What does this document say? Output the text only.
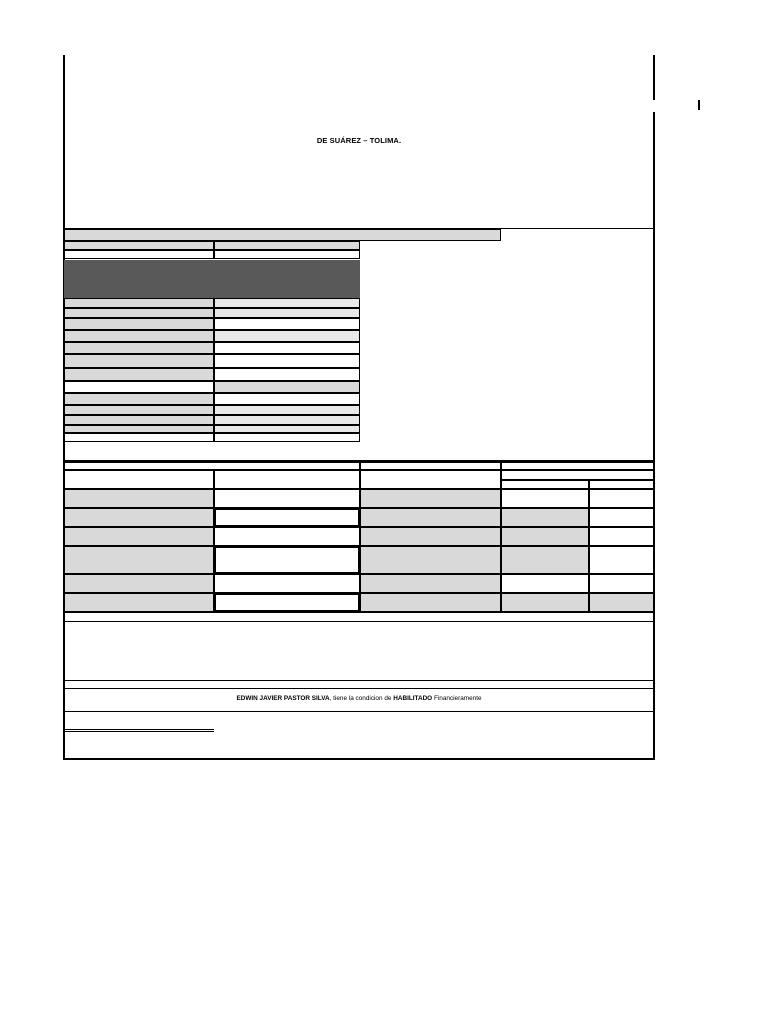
DE SUÁREZ – TOLIMA.
EDWIN JAVIER PASTOR SILVA, tiene la condicion de HABILITADO Financieramente
